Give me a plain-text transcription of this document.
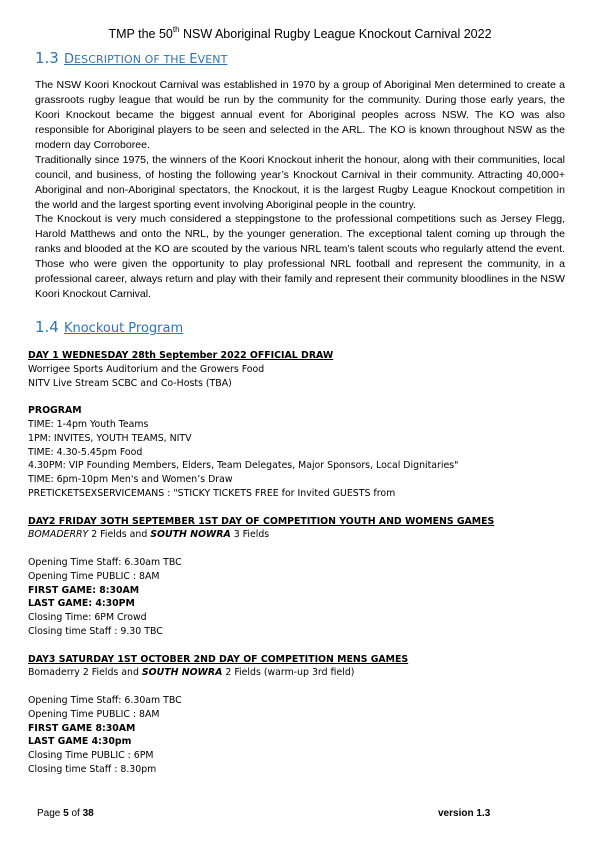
TMP the 50th NSW Aboriginal Rugby League Knockout Carnival 2022
1.3 DESCRIPTION OF THE EVENT
The NSW Koori Knockout Carnival was established in 1970 by a group of Aboriginal Men determined to create a grassroots rugby league that would be run by the community for the community. During those early years, the Koori Knockout became the biggest annual event for Aboriginal peoples across NSW. The KO was also responsible for Aboriginal players to be seen and selected in the ARL. The KO is known throughout NSW as the modern day Corroboree.
Traditionally since 1975, the winners of the Koori Knockout inherit the honour, along with their communities, local council, and business, of hosting the following year’s Knockout Carnival in their community. Attracting 40,000+ Aboriginal and non-Aboriginal spectators, the Knockout, it is the largest Rugby League Knockout competition in the world and the largest sporting event involving Aboriginal people in the country.
The Knockout is very much considered a steppingstone to the professional competitions such as Jersey Flegg, Harold Matthews and onto the NRL, by the younger generation. The exceptional talent coming up through the ranks and blooded at the KO are scouted by the various NRL team’s talent scouts who regularly attend the event. Those who were given the opportunity to play professional NRL football and represent the community, in a professional career, always return and play with their family and represent their community bloodlines in the NSW Koori Knockout Carnival.
1.4 Knockout Program
DAY 1 WEDNESDAY 28th September 2022 OFFICIAL DRAW
Worrigee Sports Auditorium and the Growers Food
NITV Live Stream SCBC and Co-Hosts (TBA)
PROGRAM
TIME: 1-4pm Youth Teams
1PM: INVITES, YOUTH TEAMS, NITV
TIME: 4.30-5.45pm Food
4.30PM: VIP Founding Members, Elders, Team Delegates, Major Sponsors, Local Dignitaries"
TIME: 6pm-10pm Men's and Women’s Draw
PRETICKETSEXSERVICEMANS : "STICKY TICKETS FREE for Invited GUESTS from
DAY2 FRIDAY 3OTH SEPTEMBER 1ST DAY OF COMPETITION YOUTH AND WOMENS GAMES
BOMADERRY 2 Fields and SOUTH NOWRA 3 Fields
Opening Time Staff: 6.30am TBC
Opening Time PUBLIC : 8AM
FIRST GAME: 8:30AM
LAST GAME: 4:30PM
Closing Time: 6PM Crowd
Closing time Staff : 9.30 TBC
DAY3 SATURDAY 1ST OCTOBER 2ND DAY OF COMPETITION MENS GAMES
Bomaderry 2 Fields and SOUTH NOWRA 2 Fields (warm-up 3rd field)
Opening Time Staff: 6.30am TBC
Opening Time PUBLIC : 8AM
FIRST GAME 8:30AM
LAST GAME 4:30pm
Closing Time PUBLIC : 6PM
Closing time Staff : 8.30pm
Page 5 of 38	version 1.3
